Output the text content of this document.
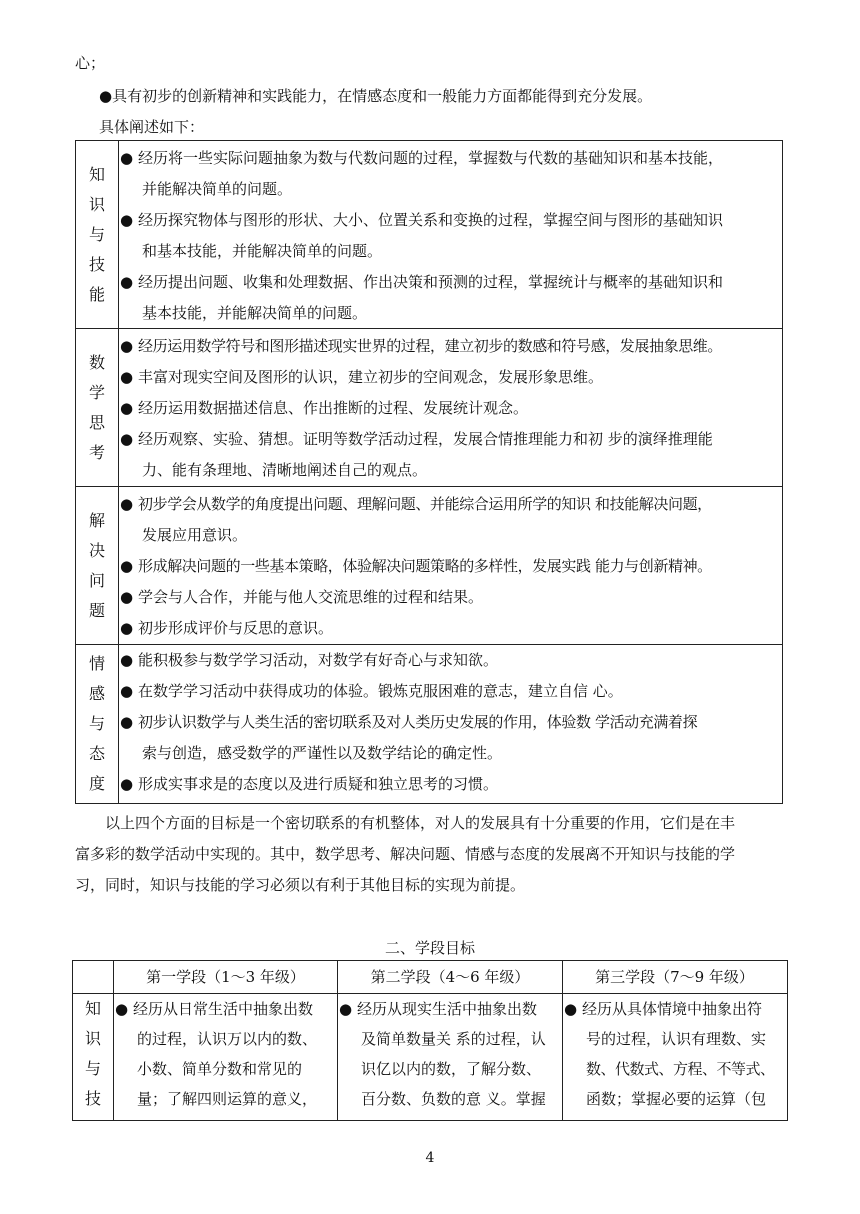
心；
●具有初步的创新精神和实践能力，在情感态度和一般能力方面都能得到充分发展。
具体阐述如下：
知
识
与
技
能
● 经历将一些实际问题抽象为数与代数问题的过程，掌握数与代数的基础知识和基本技能，
并能解决简单的问题。
● 经历探究物体与图形的形状、大小、位置关系和变换的过程，掌握空间与图形的基础知识
和基本技能，并能解决简单的问题。
● 经历提出问题、收集和处理数据、作出决策和预测的过程，掌握统计与概率的基础知识和
基本技能，并能解决简单的问题。
数
学
思
考
● 经历运用数学符号和图形描述现实世界的过程，建立初步的数感和符号感，发展抽象思维。
● 丰富对现实空间及图形的认识，建立初步的空间观念，发展形象思维。
● 经历运用数据描述信息、作出推断的过程、发展统计观念。
● 经历观察、实验、猜想。证明等数学活动过程，发展合情推理能力和初 步的演绎推理能
力、能有条理地、清晰地阐述自己的观点。
解
决
问
题
● 初步学会从数学的角度提出问题、理解问题、并能综合运用所学的知识 和技能解决问题，
发展应用意识。
● 形成解决问题的一些基本策略，体验解决问题策略的多样性，发展实践 能力与创新精神。
● 学会与人合作，并能与他人交流思维的过程和结果。
● 初步形成评价与反思的意识。
情
感
与
态
度
● 能积极参与数学学习活动，对数学有好奇心与求知欲。
● 在数学学习活动中获得成功的体验。锻炼克服困难的意志，建立自信 心。
● 初步认识数学与人类生活的密切联系及对人类历史发展的作用，体验数 学活动充满着探
索与创造，感受数学的严谨性以及数学结论的确定性。
● 形成实事求是的态度以及进行质疑和独立思考的习惯。
以上四个方面的目标是一个密切联系的有机整体，对人的发展具有十分重要的作用，它们是在丰
富多彩的数学活动中实现的。其中，数学思考、解决问题、情感与态度的发展离不开知识与技能的学
习，同时，知识与技能的学习必须以有利于其他目标的实现为前提。
二、学段目标
第一学段（1～3 年级）	第二学段（4～6 年级）	第三学段（7～9 年级）
知
识
与
技
● 经历从日常生活中抽象出数
的过程，认识万以内的数、
小数、简单分数和常见的
量；了解四则运算的意义，
● 经历从现实生活中抽象出数
及简单数量关 系的过程，认
识亿以内的数，了解分数、
百分数、负数的意 义。掌握
● 经历从具体情境中抽象出符
号的过程，认识有理数、实
数、代数式、方程、不等式、
函数；掌握必要的运算（包
4
